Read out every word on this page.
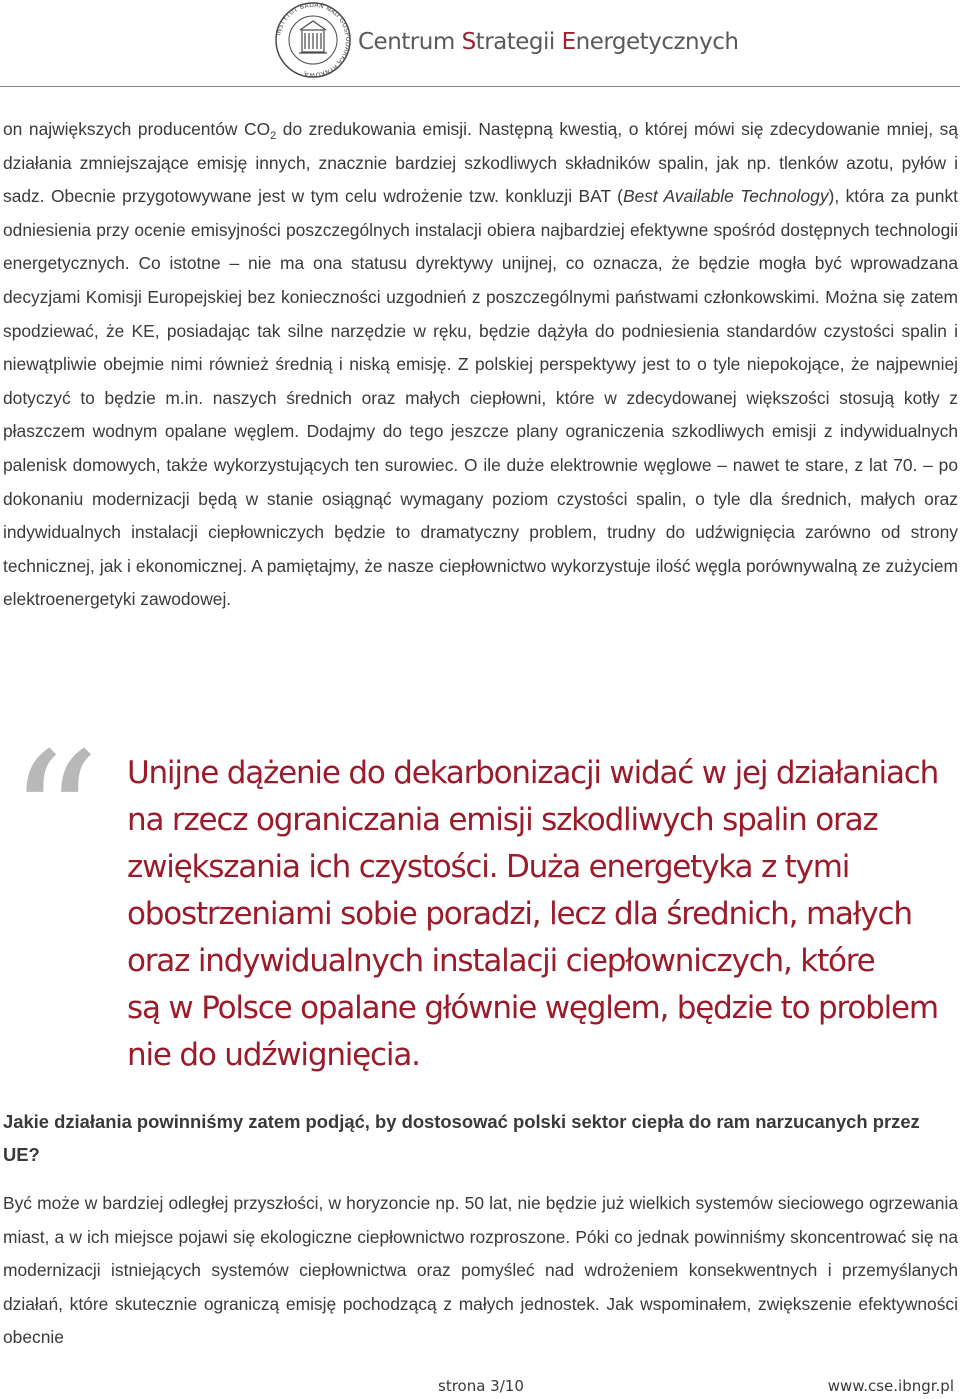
INSTYTUT BADAŃ NAD GOSPODARKĄ RYNKOWĄ
Centrum Strategii Energetycznych
on największych producentów $CO_2$ do zredukowania emisji. Następną kwestią, o której mówi się zdecydowanie mniej, są działania zmniejszające emisję innych, znacznie bardziej szkodliwych składników spalin, jak np. tlenków azotu, pyłów i sadz. Obecnie przygotowywane jest w tym celu wdrożenie tzw. konkluzji BAT (Best Available Technology), która za punkt odniesienia przy ocenie emisyjności poszczególnych instalacji obiera najbardziej efektywne spośród dostępnych technologii energetycznych. Co istotne – nie ma ona statusu dyrektywy unijnej, co oznacza, że będzie mogła być wprowadzana decyzjami Komisji Europejskiej bez konieczności uzgodnień z poszczególnymi państwami członkowskimi. Można się zatem spodziewać, że KE, posiadając tak silne narzędzie w ręku, będzie dążyła do podniesienia standardów czystości spalin i niewątpliwie obejmie nimi również średnią i niską emisję. Z polskiej perspektywy jest to o tyle niepokojące, że najpewniej dotyczyć to będzie m.in. naszych średnich oraz małych ciepłowni, które w zdecydowanej większości stosują kotły z płaszczem wodnym opalane węglem. Dodajmy do tego jeszcze plany ograniczenia szkodliwych emisji z indywidualnych palenisk domowych, także wykorzystujących ten surowiec. O ile duże elektrownie węglowe – nawet te stare, z lat 70. – po dokonaniu modernizacji będą w stanie osiągnąć wymagany poziom czystości spalin, o tyle dla średnich, małych oraz indywidualnych instalacji ciepłowniczych będzie to dramatyczny problem, trudny do udźwignięcia zarówno od strony technicznej, jak i ekonomicznej. A pamiętajmy, że nasze ciepłownictwo wykorzystuje ilość węgla porównywalną ze zużyciem elektroenergetyki zawodowej.
“ Unijne dążenie do dekarbonizacji widać w jej działaniach
na rzecz ograniczania emisji szkodliwych spalin oraz
zwiększania ich czystości. Duża energetyka z tymi
obostrzeniami sobie poradzi, lecz dla średnich, małych
oraz indywidualnych instalacji ciepłowniczych, które
są w Polsce opalane głównie węglem, będzie to problem
nie do udźwignięcia.
Jakie działania powinniśmy zatem podjąć, by dostosować polski sektor ciepła do ram narzucanych przez UE?
Być może w bardziej odległej przyszłości, w horyzoncie np. 50 lat, nie będzie już wielkich systemów sieciowego ogrzewania miast, a w ich miejsce pojawi się ekologiczne ciepłownictwo rozproszone. Póki co jednak powinniśmy skoncentrować się na modernizacji istniejących systemów ciepłownictwa oraz pomyśleć nad wdrożeniem konsekwentnych i przemyślanych działań, które skutecznie ograniczą emisję pochodzącą z małych jednostek. Jak wspominałem, zwiększenie efektywności obecnie
strona 3/10	www.cse.ibngr.pl
